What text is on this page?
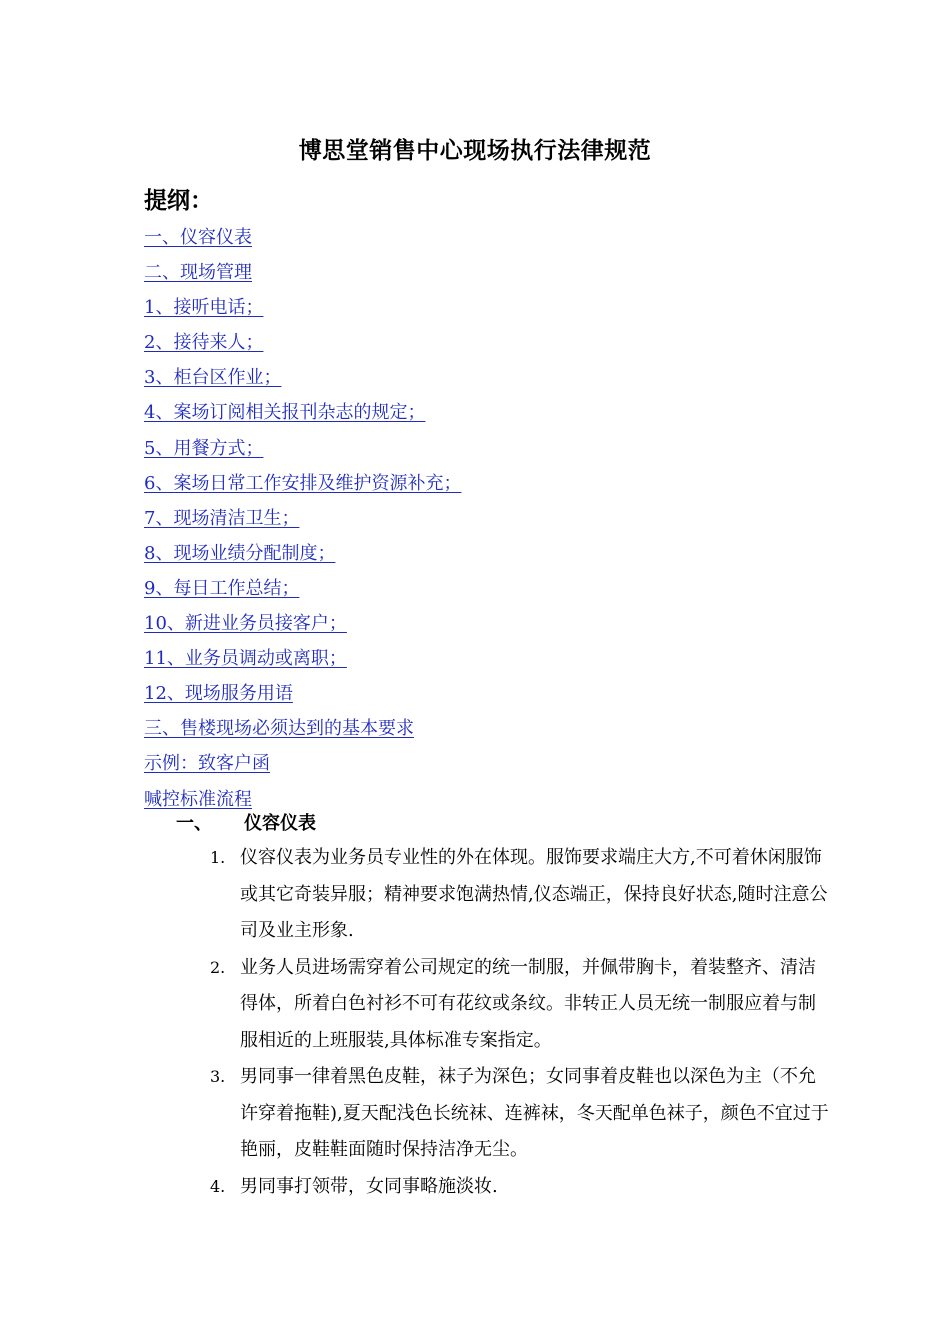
博思堂销售中心现场执行法律规范
提纲：
一、仪容仪表
二、现场管理
1、接听电话；
2、接待来人；
3、柜台区作业；
4、案场订阅相关报刊杂志的规定；
5、用餐方式；
6、案场日常工作安排及维护资源补充；
7、现场清洁卫生；
8、现场业绩分配制度；
9、每日工作总结；
10、新进业务员接客户；
11、业务员调动或离职；
12、现场服务用语
三、售楼现场必须达到的基本要求
示例：致客户函
喊控标准流程
一、 仪容仪表
1. 仪容仪表为业务员专业性的外在体现。服饰要求端庄大方,不可着休闲服饰或其它奇装异服；精神要求饱满热情,仪态端正，保持良好状态,随时注意公司及业主形象.
2. 业务人员进场需穿着公司规定的统一制服，并佩带胸卡，着装整齐、清洁得体，所着白色衬衫不可有花纹或条纹。非转正人员无统一制服应着与制服相近的上班服装,具体标准专案指定。
3. 男同事一律着黑色皮鞋，袜子为深色；女同事着皮鞋也以深色为主（不允许穿着拖鞋),夏天配浅色长统袜、连裤袜，冬天配单色袜子，颜色不宜过于艳丽，皮鞋鞋面随时保持洁净无尘。
4. 男同事打领带，女同事略施淡妆.
